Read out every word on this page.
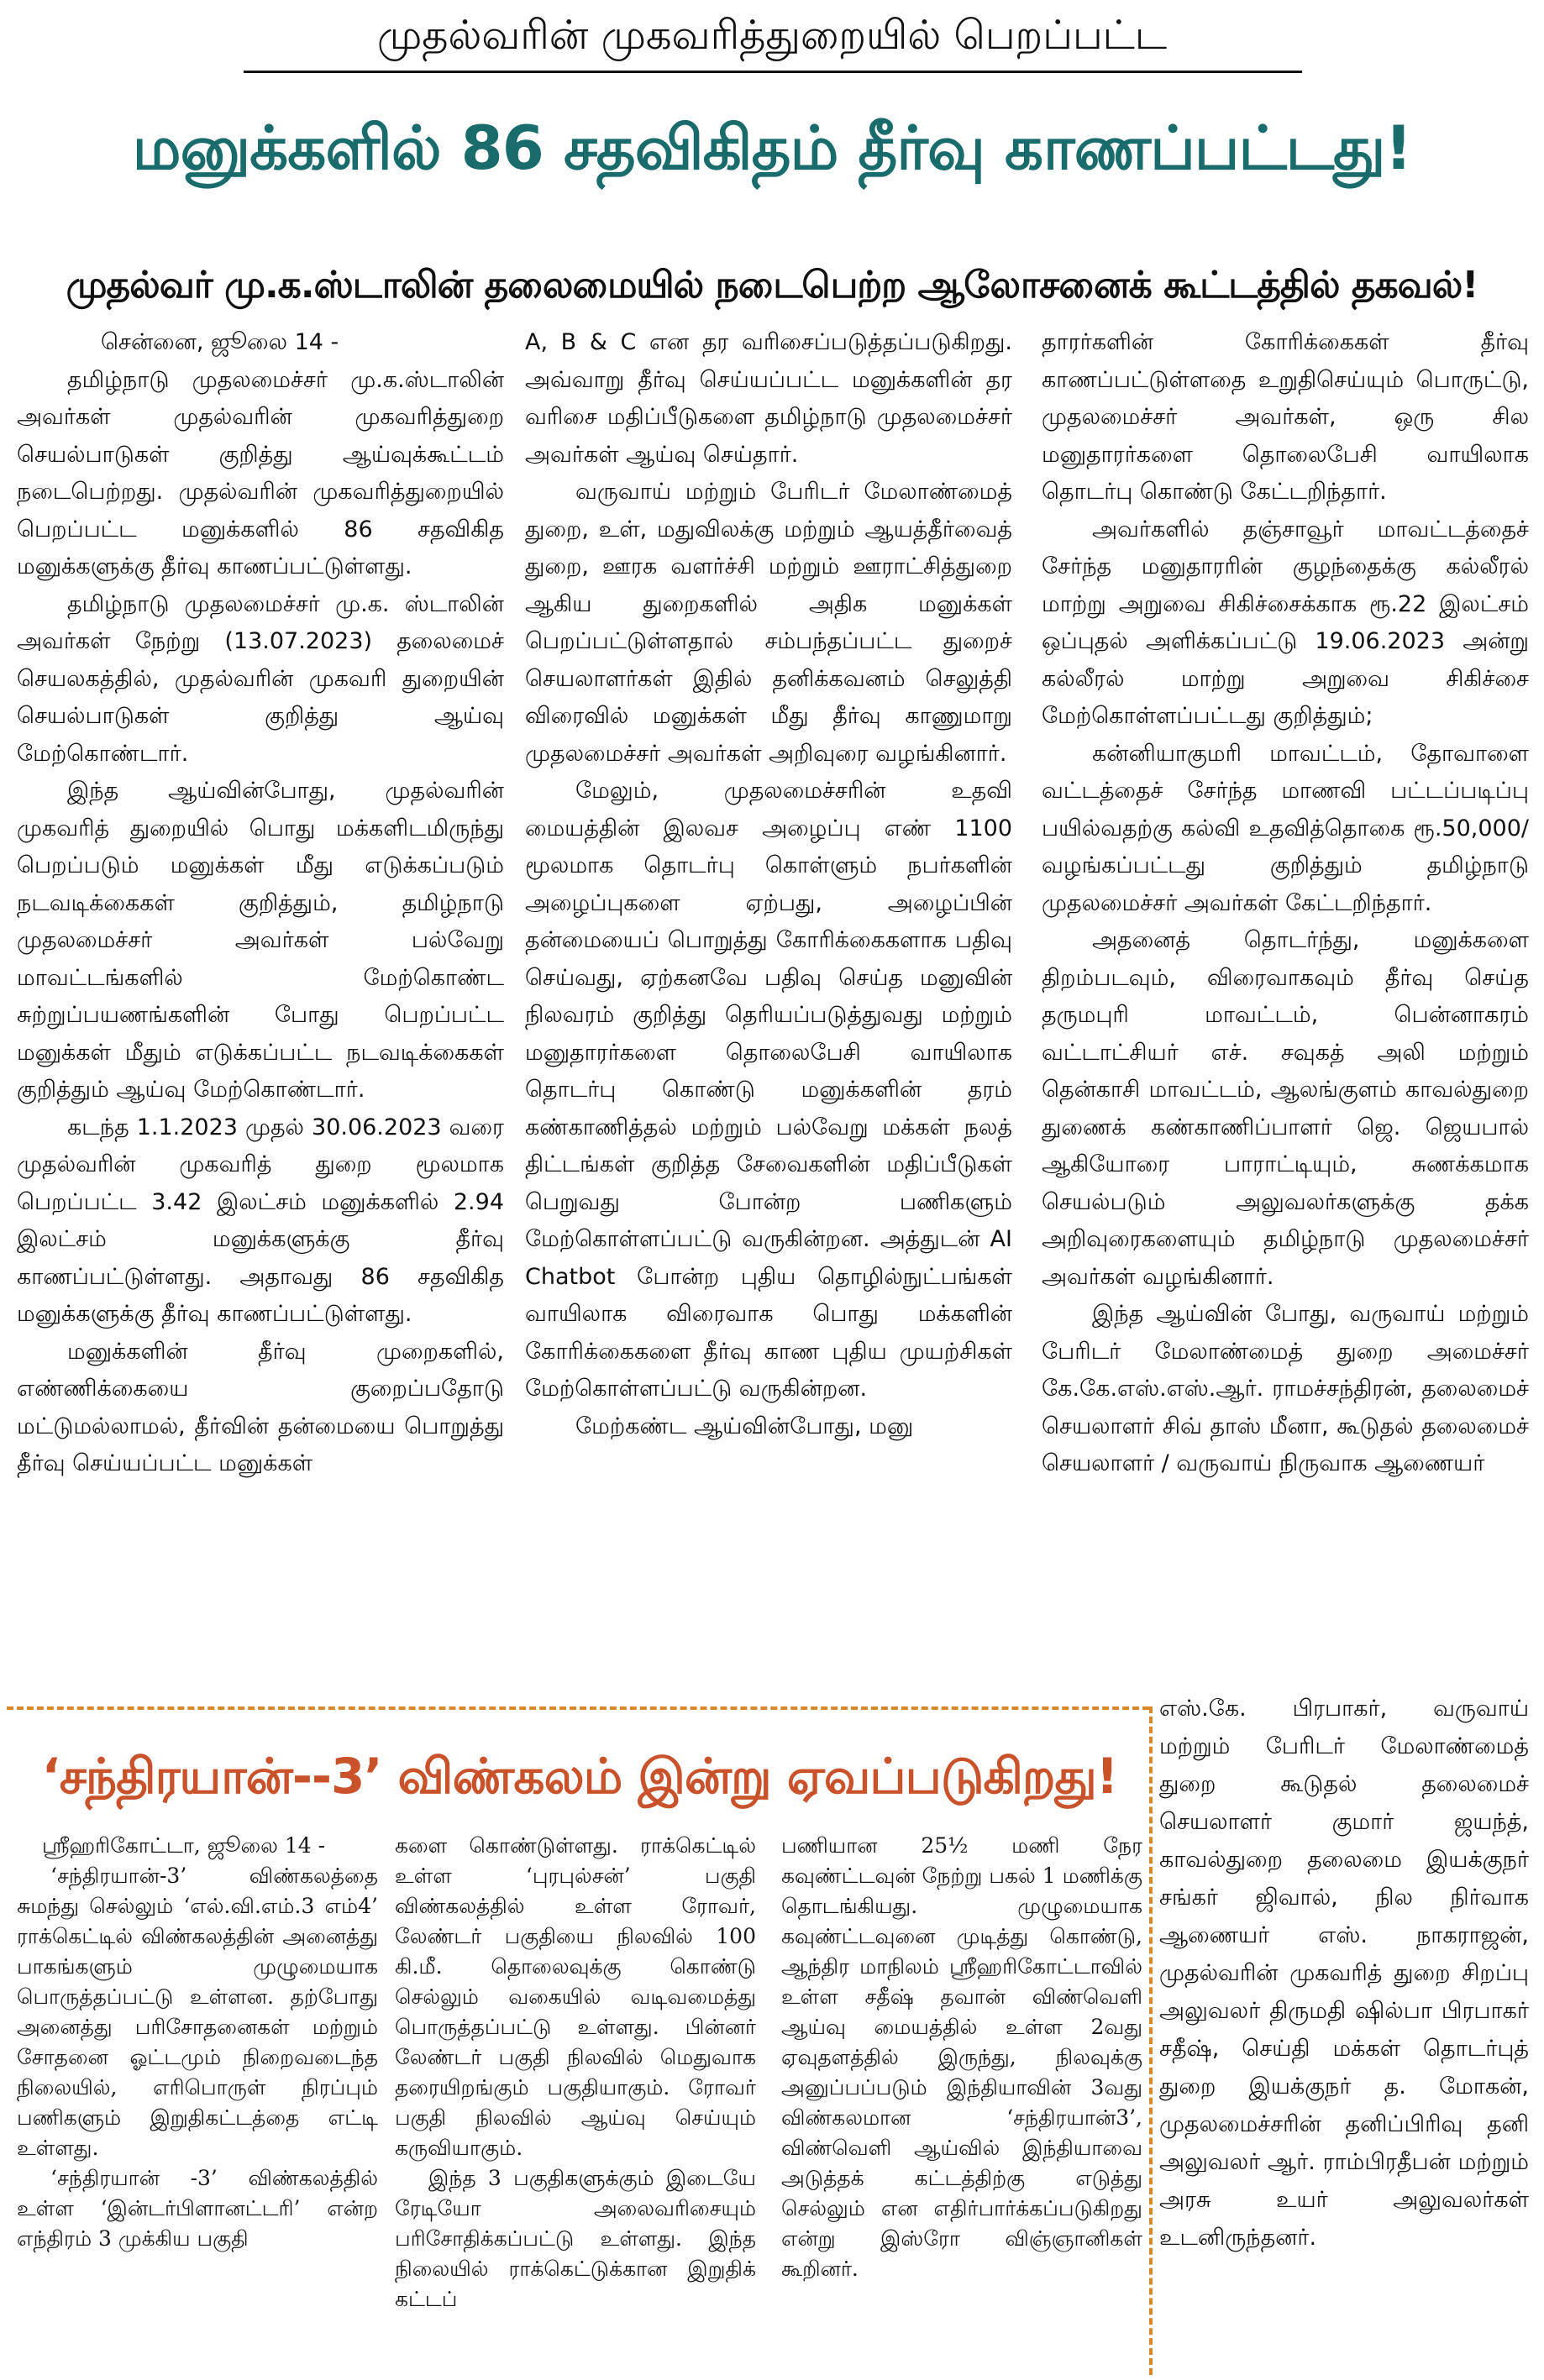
முதல்வரின் முகவரித்துறையில் பெறப்பட்ட
மனுக்களில் 86 சதவிகிதம் தீர்வு காணப்பட்டது!
முதல்வர் மு.க.ஸ்டாலின் தலைமையில் நடைபெற்ற ஆலோசனைக் கூட்டத்தில் தகவல்!

சென்னை, ஜூலை 14 -

தமிழ்நாடு முதலமைச்சர் மு.க.ஸ்டாலின் அவர்கள் முதல்வரின் முகவரித்துறை செயல்பாடுகள் குறித்து ஆய்வுக்கூட்டம் நடைபெற்றது. முதல்வரின் முகவரித்துறையில் பெறப்பட்ட மனுக்களில் 86 சதவிகித மனுக்களுக்கு தீர்வு காணப்பட்டுள்ளது.

தமிழ்நாடு முதலமைச்சர் மு.க. ஸ்டாலின் அவர்கள் நேற்று (13.07.2023) தலைமைச் செயலகத்தில், முதல்வரின் முகவரி துறையின் செயல்பாடுகள் குறித்து ஆய்வு மேற்கொண்டார்.

இந்த ஆய்வின்போது, முதல்வரின் முகவரித் துறையில் பொது மக்களிடமிருந்து பெறப்படும் மனுக்கள் மீது எடுக்கப்படும் நடவடிக்கைகள் குறித்தும், தமிழ்நாடு முதலமைச்சர் அவர்கள் பல்வேறு மாவட்டங்களில் மேற்கொண்ட சுற்றுப்பயணங்களின் போது பெறப்பட்ட மனுக்கள் மீதும் எடுக்கப்பட்ட நடவடிக்கைகள் குறித்தும் ஆய்வு மேற்கொண்டார்.

கடந்த 1.1.2023 முதல் 30.06.2023 வரை முதல்வரின் முகவரித் துறை மூலமாக பெறப்பட்ட 3.42 இலட்சம் மனுக்களில் 2.94 இலட்சம் மனுக்களுக்கு தீர்வு காணப்பட்டுள்ளது. அதாவது 86 சதவிகித மனுக்களுக்கு தீர்வு காணப்பட்டுள்ளது.

மனுக்களின் தீர்வு முறைகளில், எண்ணிக்கையை குறைப்பதோடு மட்டுமல்லாமல், தீர்வின் தன்மையை பொறுத்து தீர்வு செய்யப்பட்ட மனுக்கள்

A, B & C என தர வரிசைப்படுத்தப்படுகிறது. அவ்வாறு தீர்வு செய்யப்பட்ட மனுக்களின் தர வரிசை மதிப்பீடுகளை தமிழ்நாடு முதலமைச்சர் அவர்கள் ஆய்வு செய்தார்.

வருவாய் மற்றும் பேரிடர் மேலாண்மைத் துறை, உள், மதுவிலக்கு மற்றும் ஆயத்தீர்வைத் துறை, ஊரக வளர்ச்சி மற்றும் ஊராட்சித்துறை ஆகிய துறைகளில் அதிக மனுக்கள் பெறப்பட்டுள்ளதால் சம்பந்தப்பட்ட துறைச் செயலாளர்கள் இதில் தனிக்கவனம் செலுத்தி விரைவில் மனுக்கள் மீது தீர்வு காணுமாறு முதலமைச்சர் அவர்கள் அறிவுரை வழங்கினார்.

மேலும், முதலமைச்சரின் உதவி மையத்தின் இலவச அழைப்பு எண் 1100 மூலமாக தொடர்பு கொள்ளும் நபர்களின் அழைப்புகளை ஏற்பது, அழைப்பின் தன்மையைப் பொறுத்து கோரிக்கைகளாக பதிவு செய்வது, ஏற்கனவே பதிவு செய்த மனுவின் நிலவரம் குறித்து தெரியப்படுத்துவது மற்றும் மனுதாரர்களை தொலைபேசி வாயிலாக தொடர்பு கொண்டு மனுக்களின் தரம் கண்காணித்தல் மற்றும் பல்வேறு மக்கள் நலத் திட்டங்கள் குறித்த சேவைகளின் மதிப்பீடுகள் பெறுவது போன்ற பணிகளும் மேற்கொள்ளப்பட்டு வருகின்றன. அத்துடன் AI Chatbot போன்ற புதிய தொழில்நுட்பங்கள் வாயிலாக விரைவாக பொது மக்களின் கோரிக்கைகளை தீர்வு காண புதிய முயற்சிகள் மேற்கொள்ளப்பட்டு வருகின்றன.

மேற்கண்ட ஆய்வின்போது, மனு

தாரர்களின் கோரிக்கைகள் தீர்வு காணப்பட்டுள்ளதை உறுதிசெய்யும் பொருட்டு, முதலமைச்சர் அவர்கள், ஒரு சில மனுதாரர்களை தொலைபேசி வாயிலாக தொடர்பு கொண்டு கேட்டறிந்தார்.

அவர்களில் தஞ்சாவூர் மாவட்டத்தைச் சேர்ந்த மனுதாரரின் குழந்தைக்கு கல்லீரல் மாற்று அறுவை சிகிச்சைக்காக ரூ.22 இலட்சம் ஒப்புதல் அளிக்கப்பட்டு 19.06.2023 அன்று கல்லீரல் மாற்று அறுவை சிகிச்சை மேற்கொள்ளப்பட்டது குறித்தும்;

கன்னியாகுமரி மாவட்டம், தோவாளை வட்டத்தைச் சேர்ந்த மாணவி பட்டப்படிப்பு பயில்வதற்கு கல்வி உதவித்தொகை ரூ.50,000/ வழங்கப்பட்டது குறித்தும் தமிழ்நாடு முதலமைச்சர் அவர்கள் கேட்டறிந்தார்.

அதனைத் தொடர்ந்து, மனுக்களை திறம்படவும், விரைவாகவும் தீர்வு செய்த தருமபுரி மாவட்டம், பென்னாகரம் வட்டாட்சியர் எச். சவுகத் அலி மற்றும் தென்காசி மாவட்டம், ஆலங்குளம் காவல்துறை துணைக் கண்காணிப்பாளர் ஜெ. ஜெயபால் ஆகியோரை பாராட்டியும், சுணக்கமாக செயல்படும் அலுவலர்களுக்கு தக்க அறிவுரைகளையும் தமிழ்நாடு முதலமைச்சர் அவர்கள் வழங்கினார்.

இந்த ஆய்வின் போது, வருவாய் மற்றும் பேரிடர் மேலாண்மைத் துறை அமைச்சர் கே.கே.எஸ்.எஸ்.ஆர். ராமச்சந்திரன், தலைமைச் செயலாளர் சிவ் தாஸ் மீனா, கூடுதல் தலைமைச் செயலாளர் / வருவாய் நிருவாக ஆணையர்

எஸ்.கே. பிரபாகர், வருவாய் மற்றும் பேரிடர் மேலாண்மைத் துறை கூடுதல் தலைமைச் செயலாளர் குமார் ஜயந்த், காவல்துறை தலைமை இயக்குநர் சங்கர் ஜிவால், நில நிர்வாக ஆணையர் எஸ். நாகராஜன், முதல்வரின் முகவரித் துறை சிறப்பு அலுவலர் திருமதி ஷில்பா பிரபாகர் சதீஷ், செய்தி மக்கள் தொடர்புத் துறை இயக்குநர் த. மோகன், முதலமைச்சரின் தனிப்பிரிவு தனி அலுவலர் ஆர். ராம்பிரதீபன் மற்றும் அரசு உயர் அலுவலர்கள் உடனிருந்தனர்.

‘சந்திரயான்--3’ விண்கலம் இன்று ஏவப்படுகிறது!

ஸ்ரீஹரிகோட்டா, ஜூலை 14 -

‘சந்திரயான்-3’ விண்கலத்தை சுமந்து செல்லும் ‘எல்.வி.எம்.3 எம்4’ ராக்கெட்டில் விண்கலத்தின் அனைத்து பாகங்களும் முழுமையாக பொருத்தப்பட்டு உள்ளன. தற்போது அனைத்து பரிசோதனைகள் மற்றும் சோதனை ஓட்டமும் நிறைவடைந்த நிலையில், எரிபொருள் நிரப்பும் பணிகளும் இறுதிகட்டத்தை எட்டி உள்ளது.

‘சந்திரயான் -3’ விண்கலத்தில் உள்ள ‘இன்டர்பிளானட்டரி’ என்ற எந்திரம் 3 முக்கிய பகுதி

களை கொண்டுள்ளது. ராக்கெட்டில் உள்ள ‘புரபுல்சன்’ பகுதி விண்கலத்தில் உள்ள ரோவர், லேண்டர் பகுதியை நிலவில் 100 கி.மீ. தொலைவுக்கு கொண்டு செல்லும் வகையில் வடிவமைத்து பொருத்தப்பட்டு உள்ளது. பின்னர் லேண்டர் பகுதி நிலவில் மெதுவாக தரையிறங்கும் பகுதியாகும். ரோவர் பகுதி நிலவில் ஆய்வு செய்யும் கருவியாகும்.

இந்த 3 பகுதிகளுக்கும் இடையே ரேடியோ அலைவரிசையும் பரிசோதிக்கப்பட்டு உள்ளது. இந்த நிலையில் ராக்கெட்டுக்கான இறுதிக் கட்டப்

பணியான 25½ மணி நேர கவுண்ட்டவுன் நேற்று பகல் 1 மணிக்கு தொடங்கியது. முழுமையாக கவுண்ட்டவுனை முடித்து கொண்டு, ஆந்திர மாநிலம் ஸ்ரீஹரிகோட்டாவில் உள்ள சதீஷ் தவான் விண்வெளி ஆய்வு மையத்தில் உள்ள 2வது ஏவுதளத்தில் இருந்து, நிலவுக்கு அனுப்பப்படும் இந்தியாவின் 3வது விண்கலமான ‘சந்திரயான்3’, விண்வெளி ஆய்வில் இந்தியாவை அடுத்தக் கட்டத்திற்கு எடுத்து செல்லும் என எதிர்பார்க்கப்படுகிறது என்று இஸ்ரோ விஞ்ஞானிகள் கூறினர்.
